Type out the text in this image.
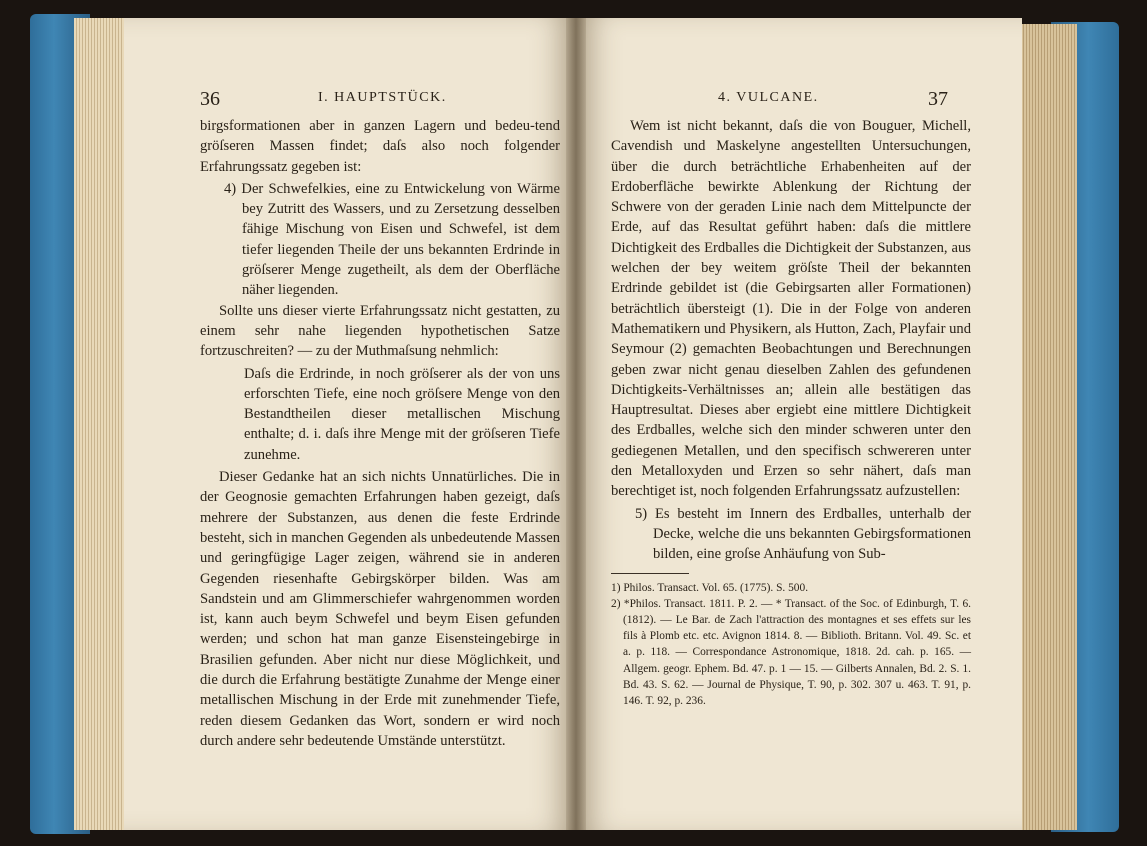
36	I. HAUPTSTÜCK.

birgsformationen aber in ganzen Lagern und bedeu-tend gröſseren Massen findet; daſs also noch folgender Erfahrungssatz gegeben ist:

4) Der Schwefelkies, eine zu Entwickelung von Wärme bey Zutritt des Wassers, und zu Zersetzung desselben fähige Mischung von Eisen und Schwefel, ist dem tiefer liegenden Theile der uns bekannten Erdrinde in gröſserer Menge zugetheilt, als dem der Oberfläche näher liegenden.

Sollte uns dieser vierte Erfahrungssatz nicht gestatten, zu einem sehr nahe liegenden hypothetischen Satze fortzuschreiten? — zu der Muthmaſsung nehmlich:

Daſs die Erdrinde, in noch gröſserer als der von uns erforschten Tiefe, eine noch gröſsere Menge von den Bestandtheilen dieser metallischen Mischung enthalte; d. i. daſs ihre Menge mit der gröſseren Tiefe zunehme.

Dieser Gedanke hat an sich nichts Unnatürliches. Die in der Geognosie gemachten Erfahrungen haben gezeigt, daſs mehrere der Substanzen, aus denen die feste Erdrinde besteht, sich in manchen Gegenden als unbedeutende Massen und geringfügige Lager zeigen, während sie in anderen Gegenden riesenhafte Gebirgskörper bilden. Was am Sandstein und am Glimmerschiefer wahrgenommen worden ist, kann auch beym Schwefel und beym Eisen gefunden werden; und schon hat man ganze Eisensteingebirge in Brasilien gefunden. Aber nicht nur diese Möglichkeit, und die durch die Erfahrung bestätigte Zunahme der Menge einer metallischen Mischung in der Erde mit zunehmender Tiefe, reden diesem Gedanken das Wort, sondern er wird noch durch andere sehr bedeutende Umstände unterstützt.

4. VULCANE.	37

Wem ist nicht bekannt, daſs die von Bouguer, Michell, Cavendish und Maskelyne angestellten Untersuchungen, über die durch beträchtliche Erhabenheiten auf der Erdoberfläche bewirkte Ablenkung der Richtung der Schwere von der geraden Linie nach dem Mittelpuncte der Erde, auf das Resultat geführt haben: daſs die mittlere Dichtigkeit des Erdballes die Dichtigkeit der Substanzen, aus welchen der bey weitem gröſste Theil der bekannten Erdrinde gebildet ist (die Gebirgsarten aller Formationen) beträchtlich übersteigt (1). Die in der Folge von anderen Mathematikern und Physikern, als Hutton, Zach, Playfair und Seymour (2) gemachten Beobachtungen und Berechnungen geben zwar nicht genau dieselben Zahlen des gefundenen Dichtigkeits-Verhältnisses an; allein alle bestätigen das Hauptresultat. Dieses aber ergiebt eine mittlere Dichtigkeit des Erdballes, welche sich den minder schweren unter den gediegenen Metallen, und den specifisch schwereren unter den Metalloxyden und Erzen so sehr nähert, daſs man berechtiget ist, noch folgenden Erfahrungssatz aufzustellen:

5) Es besteht im Innern des Erdballes, unterhalb der Decke, welche die uns bekannten Gebirgsformationen bilden, eine groſse Anhäufung von Sub-

1) Philos. Transact. Vol. 65. (1775). S. 500.

2) *Philos. Transact. 1811. P. 2. — * Transact. of the Soc. of Edinburgh, T. 6. (1812). — Le Bar. de Zach l'attraction des montagnes et ses effets sur les fils à Plomb etc. etc. Avignon 1814. 8. — Biblioth. Britann. Vol. 49. Sc. et a. p. 118. — Correspondance Astronomique, 1818. 2d. cah. p. 165. — Allgem. geogr. Ephem. Bd. 47. p. 1 — 15. — Gilberts Annalen, Bd. 2. S. 1. Bd. 43. S. 62. — Journal de Physique, T. 90, p. 302. 307 u. 463. T. 91, p. 146. T. 92, p. 236.
